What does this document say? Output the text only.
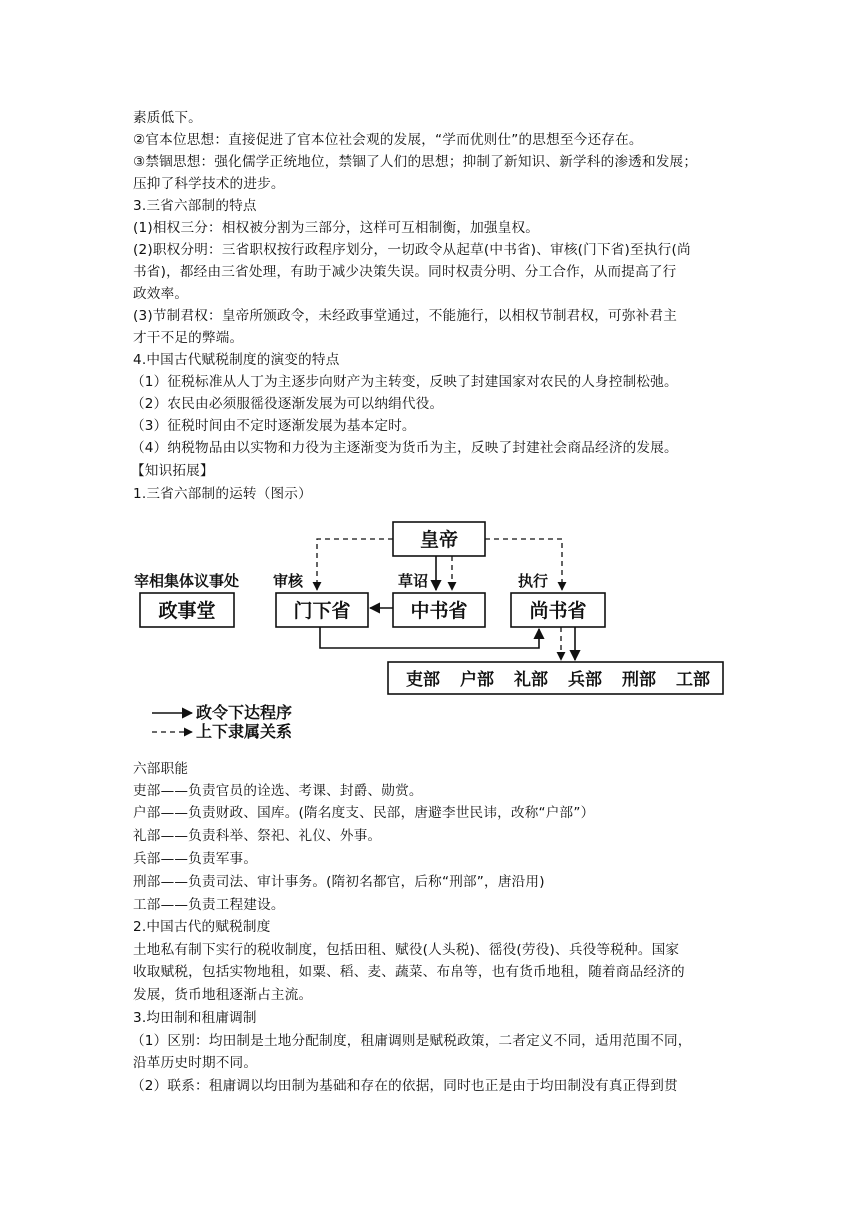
素质低下。
②官本位思想：直接促进了官本位社会观的发展，“学而优则仕”的思想至今还存在。
③禁锢思想：强化儒学正统地位，禁锢了人们的思想；抑制了新知识、新学科的渗透和发展；
压抑了科学技术的进步。
3.三省六部制的特点
(1)相权三分：相权被分割为三部分，这样可互相制衡，加强皇权。
(2)职权分明：三省职权按行政程序划分，一切政令从起草(中书省)、审核(门下省)至执行(尚
书省)，都经由三省处理，有助于减少决策失误。同时权责分明、分工合作，从而提高了行
政效率。
(3)节制君权：皇帝所颁政令，未经政事堂通过，不能施行，以相权节制君权，可弥补君主
才干不足的弊端。
4.中国古代赋税制度的演变的特点
（1）征税标准从人丁为主逐步向财产为主转变，反映了封建国家对农民的人身控制松弛。
（2）农民由必须服徭役逐渐发展为可以纳绢代役。
（3）征税时间由不定时逐渐发展为基本定时。
（4）纳税物品由以实物和力役为主逐渐变为货币为主，反映了封建社会商品经济的发展。
【知识拓展】
1.三省六部制的运转（图示）
皇帝
宰相集体议事处 审核	草诏	执行
政事堂	门下省	中书省	尚书省
吏部 户部 礼部 兵部 刑部 工部
政令下达程序
上下隶属关系
六部职能
吏部——负责官员的诠选、考课、封爵、勋赏。
户部——负责财政、国库。(隋名度支、民部，唐避李世民讳，改称“户部”）
礼部——负责科举、祭祀、礼仪、外事。
兵部——负责军事。
刑部——负责司法、审计事务。(隋初名都官，后称“刑部”，唐沿用)
工部——负责工程建设。
2.中国古代的赋税制度
土地私有制下实行的税收制度，包括田租、赋役(人头税)、徭役(劳役)、兵役等税种。国家
收取赋税，包括实物地租，如粟、稻、麦、蔬菜、布帛等，也有货币地租，随着商品经济的
发展，货币地租逐渐占主流。
3.均田制和租庸调制
（1）区别：均田制是土地分配制度，租庸调则是赋税政策，二者定义不同，适用范围不同，
沿革历史时期不同。
（2）联系：租庸调以均田制为基础和存在的依据，同时也正是由于均田制没有真正得到贯
